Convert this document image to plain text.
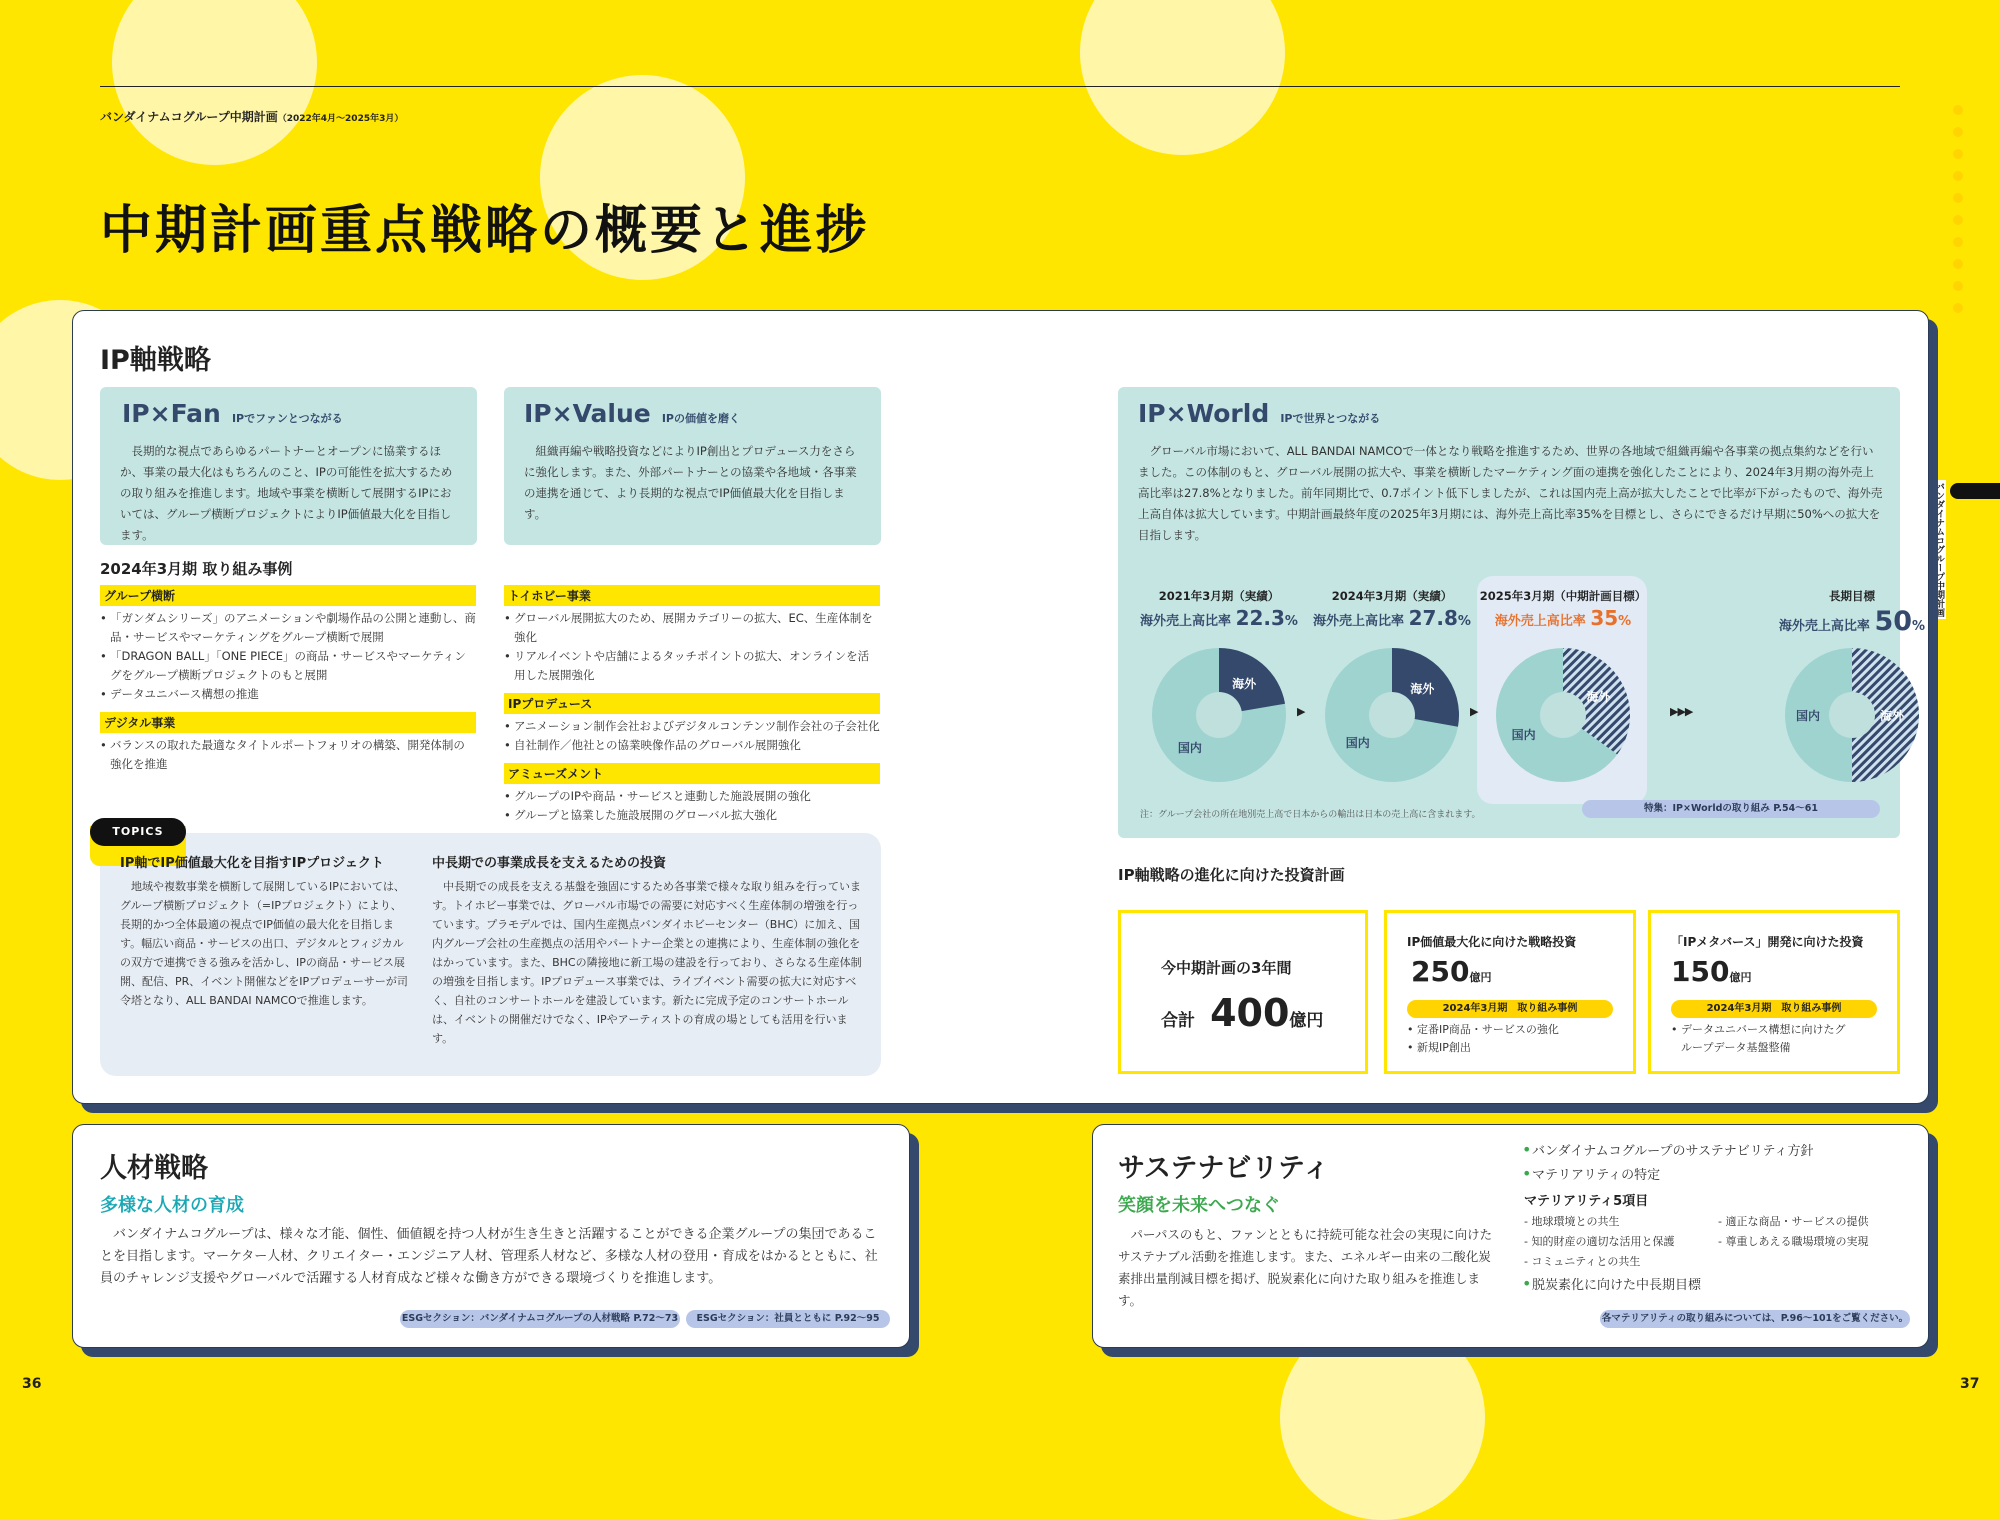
バンダイナムコグループ中期計画
バンダイナムコグループ中期計画（2022年4月～2025年3月）
中期計画重点戦略の概要と進捗
IP軸戦略
IP×Fan IPでファンとつながる

長期的な視点であらゆるパートナーとオープンに協業するほか、事業の最大化はもちろんのこと、IPの可能性を拡大するための取り組みを推進します。地域や事業を横断して展開するIPにおいては、グループ横断プロジェクトによりIP価値最大化を目指します。

IP×Value IPの価値を磨く

組織再編や戦略投資などによりIP創出とプロデュース力をさらに強化します。また、外部パートナーとの協業や各地域・各事業の連携を通じて、より長期的な視点でIP価値最大化を目指します。

2024年3月期 取り組み事例
グループ横断
• 「ガンダムシリーズ」のアニメーションや劇場作品の公開と連動し、商品・サービスやマーケティングをグループ横断で展開
• 「DRAGON BALL」「ONE PIECE」の商品・サービスやマーケティングをグループ横断プロジェクトのもと展開
• データユニバース構想の推進
デジタル事業
• バランスの取れた最適なタイトルポートフォリオの構築、開発体制の強化を推進
トイホビー事業
• グローバル展開拡大のため、展開カテゴリーの拡大、EC、生産体制を強化
• リアルイベントや店舗によるタッチポイントの拡大、オンラインを活用した展開強化
IPプロデュース
• アニメーション制作会社およびデジタルコンテンツ制作会社の子会社化
• 自社制作／他社との協業映像作品のグローバル展開強化
アミューズメント
• グループのIPや商品・サービスと連動した施設展開の強化
• グループと協業した施設展開のグローバル拡大強化
TOPICS
IP軸でIP価値最大化を目指すIPプロジェクト

地域や複数事業を横断して展開しているIPにおいては、グループ横断プロジェクト（=IPプロジェクト）により、長期的かつ全体最適の視点でIP価値の最大化を目指します。幅広い商品・サービスの出口、デジタルとフィジカルの双方で連携できる強みを活かし、IPの商品・サービス展開、配信、PR、イベント開催などをIPプロデューサーが司令塔となり、ALL BANDAI NAMCOで推進します。

中長期での事業成長を支えるための投資

中長期での成長を支える基盤を強固にするため各事業で様々な取り組みを行っています。トイホビー事業では、グローバル市場での需要に対応すべく生産体制の増強を行っています。プラモデルでは、国内生産拠点バンダイホビーセンター（BHC）に加え、国内グループ会社の生産拠点の活用やパートナー企業との連携により、生産体制の強化をはかっています。また、BHCの隣接地に新工場の建設を行っており、さらなる生産体制の増強を目指します。IPプロデュース事業では、ライブイベント需要の拡大に対応すべく、自社のコンサートホールを建設しています。新たに完成予定のコンサートホールは、イベントの開催だけでなく、IPやアーティストの育成の場としても活用を行います。

IP×World IPで世界とつながる

グローバル市場において、ALL BANDAI NAMCOで一体となり戦略を推進するため、世界の各地域で組織再編や各事業の拠点集約などを行いました。この体制のもと、グローバル展開の拡大や、事業を横断したマーケティング面の連携を強化したことにより、2024年3月期の海外売上高比率は27.8%となりました。前年同期比で、0.7ポイント低下しましたが、これは国内売上高が拡大したことで比率が下がったもので、海外売上高自体は拡大しています。中期計画最終年度の2025年3月期には、海外売上高比率35%を目標とし、さらにできるだけ早期に50%への拡大を目指します。

2021年3月期（実績）
海外売上高比率 22.3%
海外
国内
2024年3月期（実績）
海外売上高比率 27.8%
海外
国内
2025年3月期（中期計画目標）
海外売上高比率 35%
海外
国内
長期目標
海外売上高比率 50%
海外
国内
▶	▶	▶▶▶
注：グループ会社の所在地別売上高で日本からの輸出は日本の売上高に含まれます。
特集：IP×Worldの取り組み P.54〜61
IP軸戦略の進化に向けた投資計画
今中期計画の3年間
合計 400億円
IP価値最大化に向けた戦略投資
250億円
2024年3月期　取り組み事例
• 定番IP商品・サービスの強化
• 新規IP創出
「IPメタバース」開発に向けた投資
150億円
2024年3月期　取り組み事例
• データユニバース構想に向けたグループデータ基盤整備
人材戦略
多様な人材の育成

バンダイナムコグループは、様々な才能、個性、価値観を持つ人材が生き生きと活躍することができる企業グループの集団であることを目指します。マーケター人材、クリエイター・エンジニア人材、管理系人材など、多様な人材の登用・育成をはかるとともに、社員のチャレンジ支援やグローバルで活躍する人材育成など様々な働き方ができる環境づくりを推進します。

ESGセクション：バンダイナムコグループの人材戦略 P.72〜73	ESGセクション：社員とともに P.92〜95
サステナビリティ
笑顔を未来へつなぐ

パーパスのもと、ファンとともに持続可能な社会の実現に向けたサステナブル活動を推進します。また、エネルギー由来の二酸化炭素排出量削減目標を掲げ、脱炭素化に向けた取り組みを推進します。

• バンダイナムコグループのサステナビリティ方針
• マテリアリティの特定
マテリアリティ5項目
- 地球環境との共生
- 知的財産の適切な活用と保護
- コミュニティとの共生
- 適正な商品・サービスの提供
- 尊重しあえる職場環境の実現
• 脱炭素化に向けた中長期目標
各マテリアリティの取り組みについては、P.96〜101をご覧ください。
36	37
